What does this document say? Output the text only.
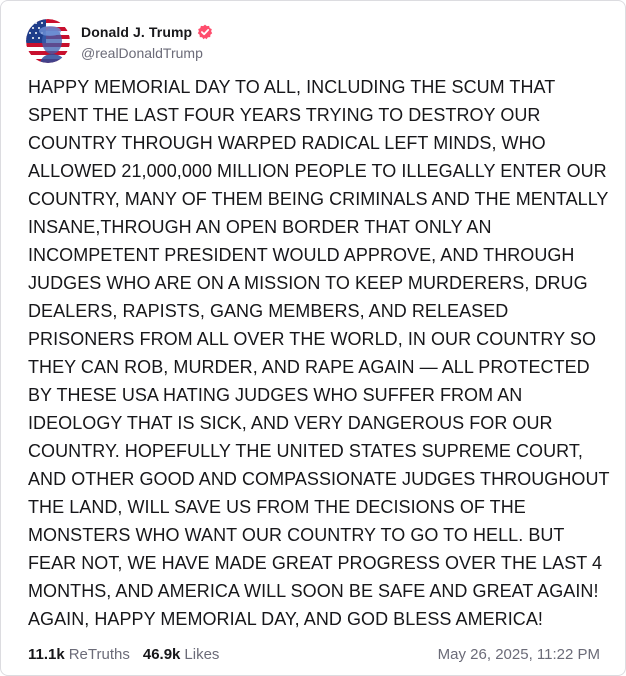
Donald J. Trump
@realDonaldTrump
HAPPY MEMORIAL DAY TO ALL, INCLUDING THE SCUM THAT SPENT THE LAST FOUR YEARS TRYING TO DESTROY OUR COUNTRY THROUGH WARPED RADICAL LEFT MINDS, WHO ALLOWED 21,000,000 MILLION PEOPLE TO ILLEGALLY ENTER OUR COUNTRY, MANY OF THEM BEING CRIMINALS AND THE MENTALLY INSANE,THROUGH AN OPEN BORDER THAT ONLY AN INCOMPETENT PRESIDENT WOULD APPROVE, AND THROUGH JUDGES WHO ARE ON A MISSION TO KEEP MURDERERS, DRUG DEALERS, RAPISTS, GANG MEMBERS, AND RELEASED PRISONERS FROM ALL OVER THE WORLD, IN OUR COUNTRY SO THEY CAN ROB, MURDER, AND RAPE AGAIN — ALL PROTECTED BY THESE USA HATING JUDGES WHO SUFFER FROM AN IDEOLOGY THAT IS SICK, AND VERY DANGEROUS FOR OUR COUNTRY. HOPEFULLY THE UNITED STATES SUPREME COURT, AND OTHER GOOD AND COMPASSIONATE JUDGES THROUGHOUT THE LAND, WILL SAVE US FROM THE DECISIONS OF THE MONSTERS WHO WANT OUR COUNTRY TO GO TO HELL. BUT FEAR NOT, WE HAVE MADE GREAT PROGRESS OVER THE LAST 4 MONTHS, AND AMERICA WILL SOON BE SAFE AND GREAT AGAIN! AGAIN, HAPPY MEMORIAL DAY, AND GOD BLESS AMERICA!
11.1k ReTruths 46.9k Likes	May 26, 2025, 11:22 PM
